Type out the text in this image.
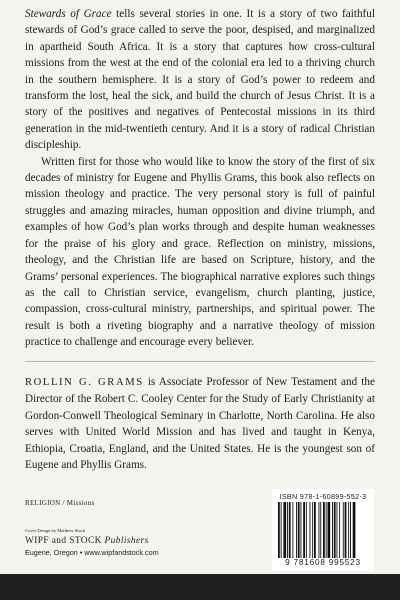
Stewards of Grace tells several stories in one. It is a story of two faithful stewards of God’s grace called to serve the poor, despised, and marginalized in apartheid South Africa. It is a story that captures how cross-cultural missions from the west at the end of the colonial era led to a thriving church in the southern hemisphere. It is a story of God’s power to redeem and transform the lost, heal the sick, and build the church of Jesus Christ. It is a story of the positives and negatives of Pentecostal missions in its third generation in the mid-twentieth century. And it is a story of radical Christian discipleship.

Written first for those who would like to know the story of the first of six decades of ministry for Eugene and Phyllis Grams, this book also reflects on mission theology and practice. The very personal story is full of painful struggles and amazing miracles, human opposition and divine triumph, and examples of how God’s plan works through and despite human weaknesses for the praise of his glory and grace. Reflection on ministry, missions, theology, and the Christian life are based on Scripture, history, and the Grams’ personal experiences. The biographical narrative explores such things as the call to Christian service, evangelism, church planting, justice, compassion, cross-cultural ministry, partnerships, and spiritual power. The result is both a riveting biography and a narrative theology of mission practice to challenge and encourage every believer.

ROLLIN G. GRAMS is Associate Professor of New Testament and the Director of the Robert C. Cooley Center for the Study of Early Christianity at Gordon-Conwell Theological Seminary in Charlotte, North Carolina. He also serves with United World Mission and has lived and taught in Kenya, Ethiopia, Croatia, England, and the United States. He is the youngest son of Eugene and Phyllis Grams.
RELIGION / Missions
Cover Design by Matthew Stock
WIPF and STOCK Publishers
Eugene, Oregon • www.wipfandstock.com
ISBN 978-1-60899-552-3
9 781608 995523
